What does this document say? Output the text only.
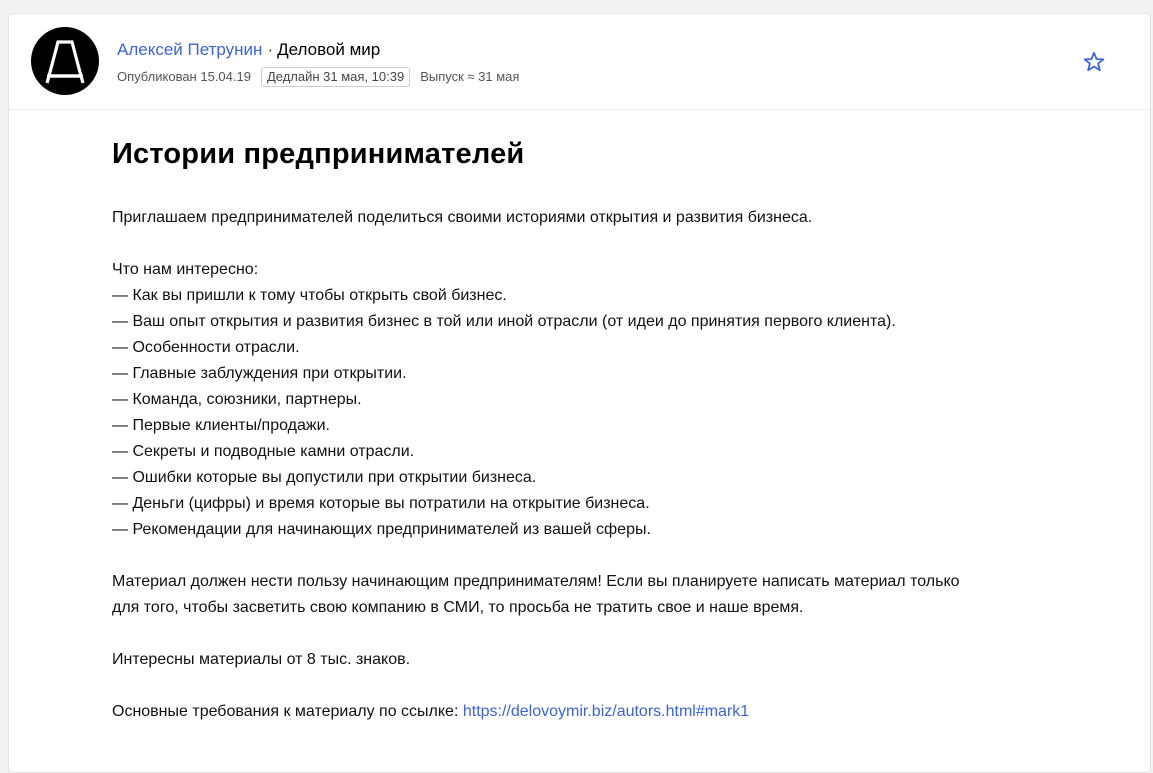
Алексей Петрунин · Деловой мир
Опубликован 15.04.19	Дедлайн 31 мая, 10:39	Выпуск ≈ 31 мая
Истории предпринимателей

Приглашаем предпринимателей поделиться своими историями открытия и развития бизнеса.

Что нам интересно:

— Как вы пришли к тому чтобы открыть свой бизнес.

— Ваш опыт открытия и развития бизнес в той или иной отрасли (от идеи до принятия первого клиента).

— Особенности отрасли.

— Главные заблуждения при открытии.

— Команда, союзники, партнеры.

— Первые клиенты/продажи.

— Секреты и подводные камни отрасли.

— Ошибки которые вы допустили при открытии бизнеса.

— Деньги (цифры) и время которые вы потратили на открытие бизнеса.

— Рекомендации для начинающих предпринимателей из вашей сферы.

Материал должен нести пользу начинающим предпринимателям! Если вы планируете написать материал только

для того, чтобы засветить свою компанию в СМИ, то просьба не тратить свое и наше время.

Интересны материалы от 8 тыс. знаков.

Основные требования к материалу по ссылке: https://delovoymir.biz/autors.html#mark1
